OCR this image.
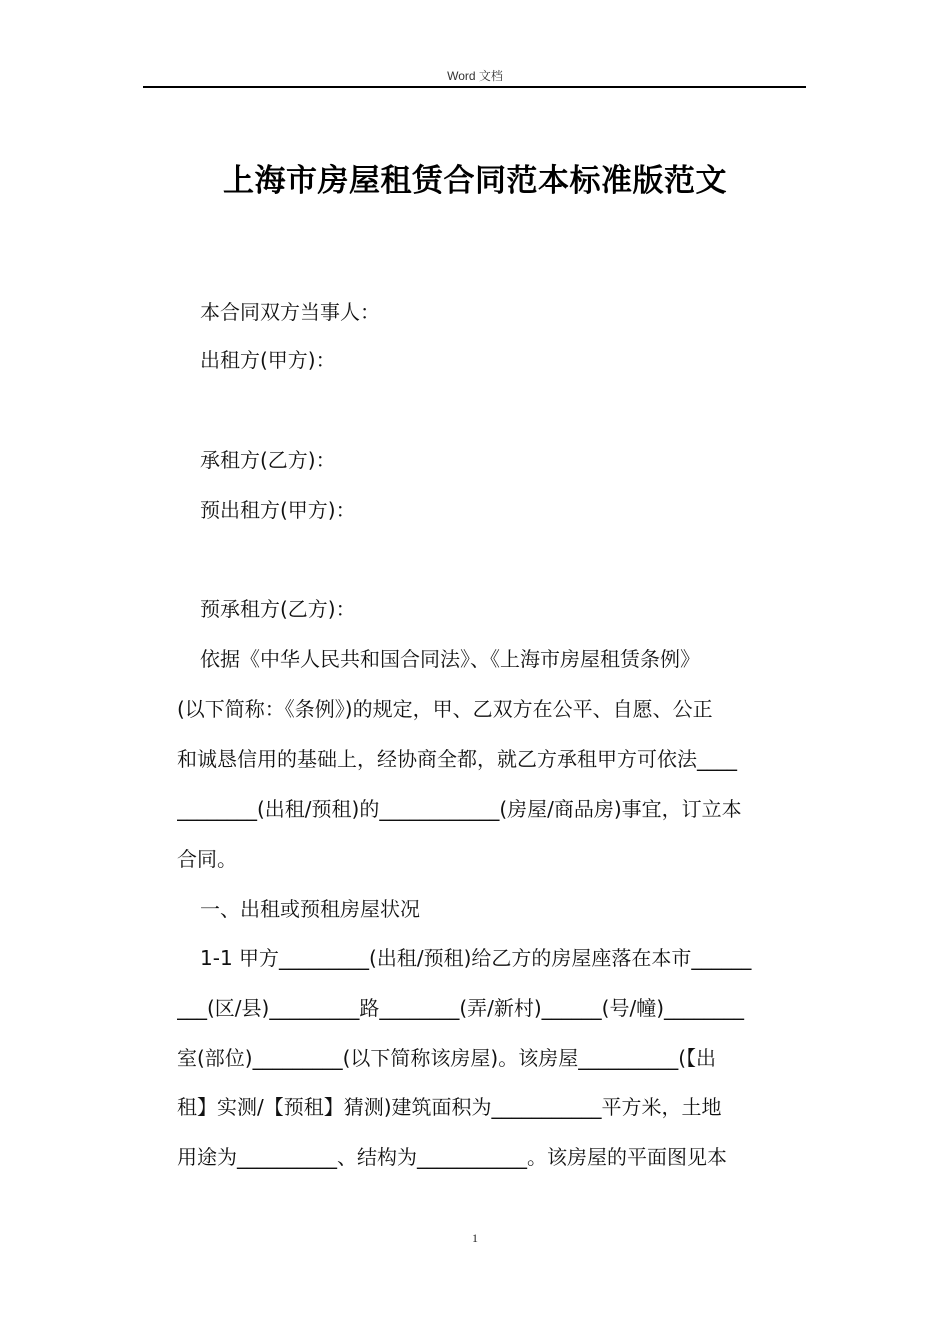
Word 文档
上海市房屋租赁合同范本标准版范文
本合同双方当事人：
出租方(甲方)：
承租方(乙方)：
预出租方(甲方)：
预承租方(乙方)：
依据《中华人民共和国合同法》、《上海市房屋租赁条例》
(以下简称：《条例》)的规定，甲、乙双方在公平、自愿、公正
和诚恳信用的基础上，经协商全都，就乙方承租甲方可依法____
________(出租/预租)的____________(房屋/商品房)事宜，订立本
合同。
一、出租或预租房屋状况
1-1 甲方_________(出租/预租)给乙方的房屋座落在本市______
___(区/县)_________路________(弄/新村)______(号/幢)________
室(部位)_________(以下简称该房屋)。该房屋__________(【出
租】实测/【预租】猜测)建筑面积为___________平方米，土地
用途为__________、结构为___________。该房屋的平面图见本
1
